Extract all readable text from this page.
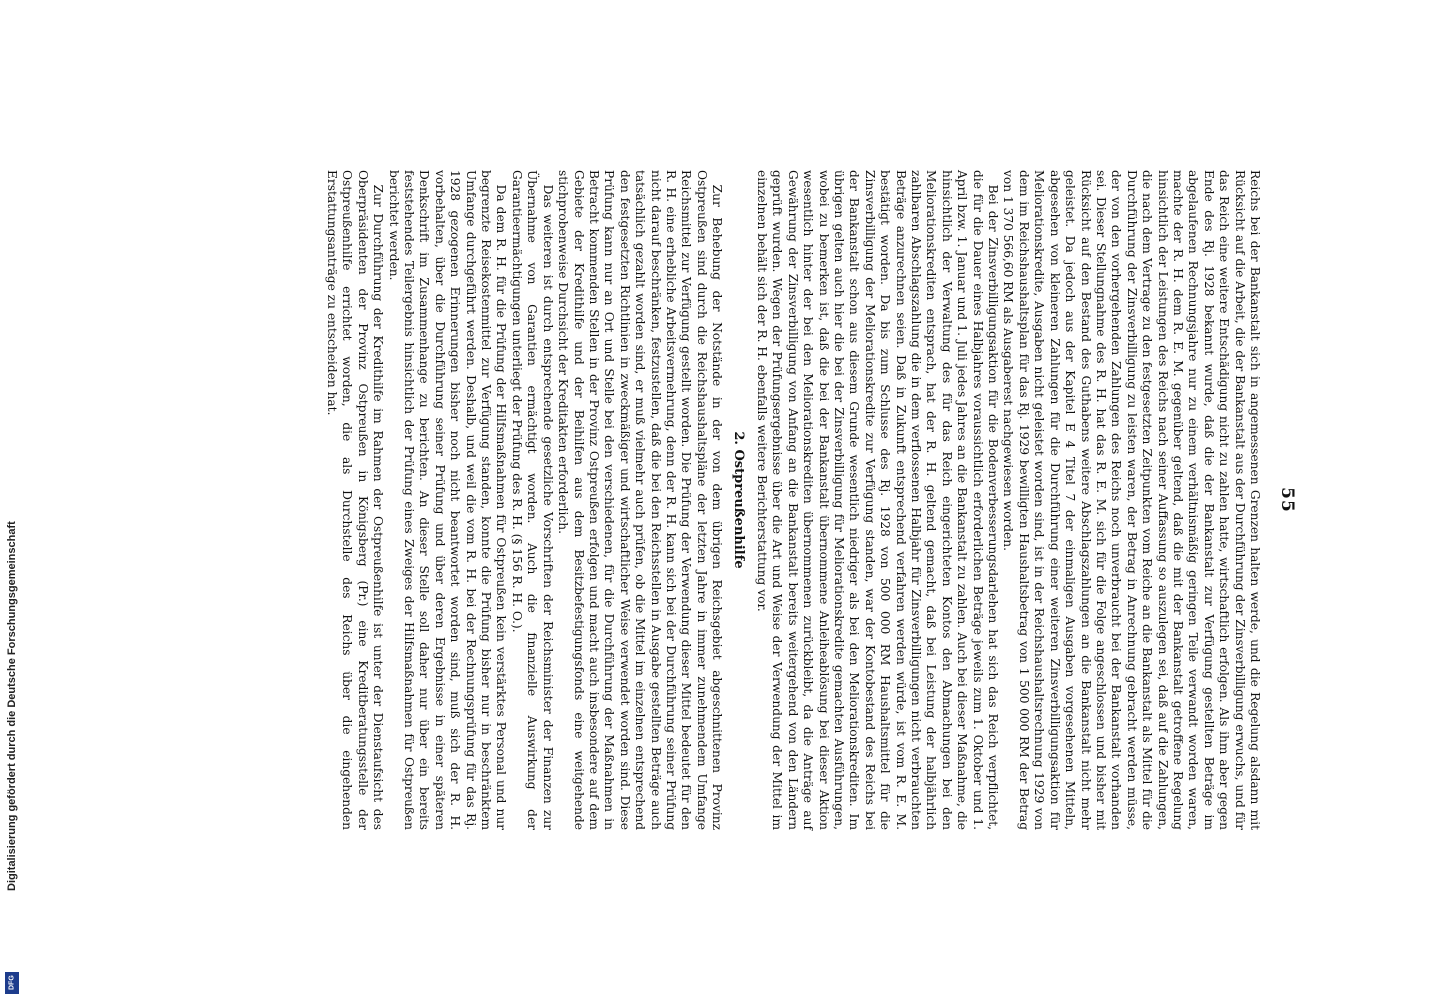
55

Reichs bei der Bankanstalt sich in angemessenen Grenzen halten werde, und die Regelung alsdann mit Rücksicht auf die Arbeit, die der Bankanstalt aus der Durchführung der Zinsverbilligung erwuchs, und für das Reich eine weitere Entschädigung nicht zu zahlen hatte, wirtschaftlich erfolgen. Als ihm aber gegen Ende des Rj. 1928 bekannt wurde, daß die der Bankanstalt zur Verfügung gestellten Beträge im abgelaufenen Rechnungsjahre nur zu einem verhältnismäßig geringen Teile verwandt worden waren, machte der R. H. dem R. E. M. gegenüber geltend, daß die mit der Bankanstalt getroffene Regelung hinsichtlich der Leistungen des Reichs nach seiner Auffassung so auszulegen sei, daß auf die Zahlungen, die nach dem Vertrage zu den festgesetzten Zeitpunkten vom Reiche an die Bankanstalt als Mittel für die Durchführung der Zinsverbilligung zu leisten waren, der Betrag in Anrechnung gebracht werden müsse, der von den vorhergehenden Zahlungen des Reichs noch unverbraucht bei der Bankanstalt vorhanden sei. Dieser Stellungnahme des R. H. hat das R. E. M. sich für die Folge angeschlossen und bisher mit Rücksicht auf den Bestand des Guthabens weitere Abschlagszahlungen an die Bankanstalt nicht mehr geleistet. Da jedoch aus der Kapitel E 4 Titel 7 der einmaligen Ausgaben vorgesehenen Mitteln, abgesehen von kleineren Zahlungen für die Durchführung einer weiteren Zinsverbilligungsaktion für Meliorationskredite, Ausgaben nicht geleistet worden sind, ist in der Reichshaushaltsrechnung 1929 von dem im Reichshaushaltsplan für das Rj. 1929 bewilligten Haushaltsbetrag von 1 500 000 RM der Betrag von 1 370 566,60 RM als Ausgaberest nachgewiesen worden.

Bei der Zinsverbilligungsaktion für die Bodenverbesserungsdarlehen hat sich das Reich verpflichtet, die für die Dauer eines Halbjahres voraussichtlich erforderlichen Beträge jeweils zum 1. Oktober und 1. April bzw. 1. Januar und 1. Juli jedes Jahres an die Bankanstalt zu zahlen. Auch bei dieser Maßnahme, die hinsichtlich der Verwaltung des für das Reich eingerichteten Kontos den Abmachungen bei den Meliorationskrediten entsprach, hat der R. H. geltend gemacht, daß bei Leistung der halbjährlich zahlbaren Abschlagszahlung die in dem verflossenen Halbjahr für Zinsverbilligungen nicht verbrauchten Beträge anzurechnen seien. Daß in Zukunft entsprechend verfahren werden würde, ist vom R. E. M. bestätigt worden. Da bis zum Schlusse des Rj. 1928 von 500 000 RM Haushaltsmittel für die Zinsverbilligung der Meliorationskredite zur Verfügung standen, war der Kontobestand des Reichs bei der Bankanstalt schon aus diesem Grunde wesentlich niedriger als bei den Meliorationskrediten. Im übrigen gelten auch hier die bei der Zinsverbilligung für Meliorationskredite gemachten Ausführungen, wobei zu bemerken ist, daß die bei der Bankanstalt übernommene Anleiheablösung bei dieser Aktion wesentlich hinter der bei den Meliorationskrediten übernommenen zurückbleibt, da die Anträge auf Gewährung der Zinsverbilligung von Anfang an die Bankanstalt bereits weitergehend von den Ländern geprüft wurden. Wegen der Prüfungsergebnisse über die Art und Weise der Verwendung der Mittel im einzelnen behält sich der R. H. ebenfalls weitere Berichterstattung vor.

2. Ostpreußenhilfe

Zur Behebung der Notstände in der von dem übrigen Reichsgebiet abgeschnittenen Provinz Ostpreußen sind durch die Reichshaushaltspläne der letzten Jahre in immer zunehmendem Umfange Reichsmittel zur Verfügung gestellt worden. Die Prüfung der Verwendung dieser Mittel bedeutet für den R. H. eine erhebliche Arbeitsvermehrung, denn der R. H. kann sich bei der Durchführung seiner Prüfung nicht darauf beschränken, festzustellen, daß die bei den Reichsstellen in Ausgabe gestellten Beträge auch tatsächlich gezahlt worden sind, er muß vielmehr auch prüfen, ob die Mittel im einzelnen entsprechend den festgesetzten Richtlinien in zweckmäßiger und wirtschaftlicher Weise verwendet worden sind. Diese Prüfung kann nur an Ort und Stelle bei den verschiedenen, für die Durchführung der Maßnahmen in Betracht kommenden Stellen in der Provinz Ostpreußen erfolgen und macht auch insbesondere auf dem Gebiete der Kredithilfe und der Beihilfen aus dem Besitzbefestigungsfonds eine weitgehende stichprobenweise Durchsicht der Kreditakten erforderlich.

Das weiteren ist durch entsprechende gesetzliche Vorschriften der Reichsminister der Finanzen zur Übernahme von Garantien ermächtigt worden. Auch die finanzielle Auswirkung der Garantieermächtigungen unterliegt der Prüfung des R. H. (§ 156 R. H. O.).

Da dem R. H. für die Prüfung der Hilfsmaßnahmen für Ostpreußen kein verstärktes Personal und nur begrenzte Reisekostenmittel zur Verfügung standen, konnte die Prüfung bisher nur in beschränktem Umfange durchgeführt werden. Deshalb, und weil die vom R. H. bei der Rechnungsprüfung für das Rj. 1928 gezogenen Erinnerungen bisher noch nicht beantwortet worden sind, muß sich der R. H. vorbehalten, über die Durchführung seiner Prüfung und über deren Ergebnisse in einer späteren Denkschrift im Zusammenhange zu berichten. An dieser Stelle soll daher nur über ein bereits feststehendes Teilergebnis hinsichtlich der Prüfung eines Zweiges der Hilfsmaßnahmen für Ostpreußen berichtet werden.

Zur Durchführung der Kredithilfe im Rahmen der Ostpreußenhilfe ist unter der Dienstaufsicht des Oberpräsidenten der Provinz Ostpreußen in Königsberg (Pr.) eine Kreditberatungsstelle der Ostpreußenhilfe errichtet worden, die als Durchstelle des Reichs über die eingehenden Erstattungsanträge zu entscheiden hat.

Digitalisierung gefördert durch die Deutsche Forschungsgemeinschaft
DFG
